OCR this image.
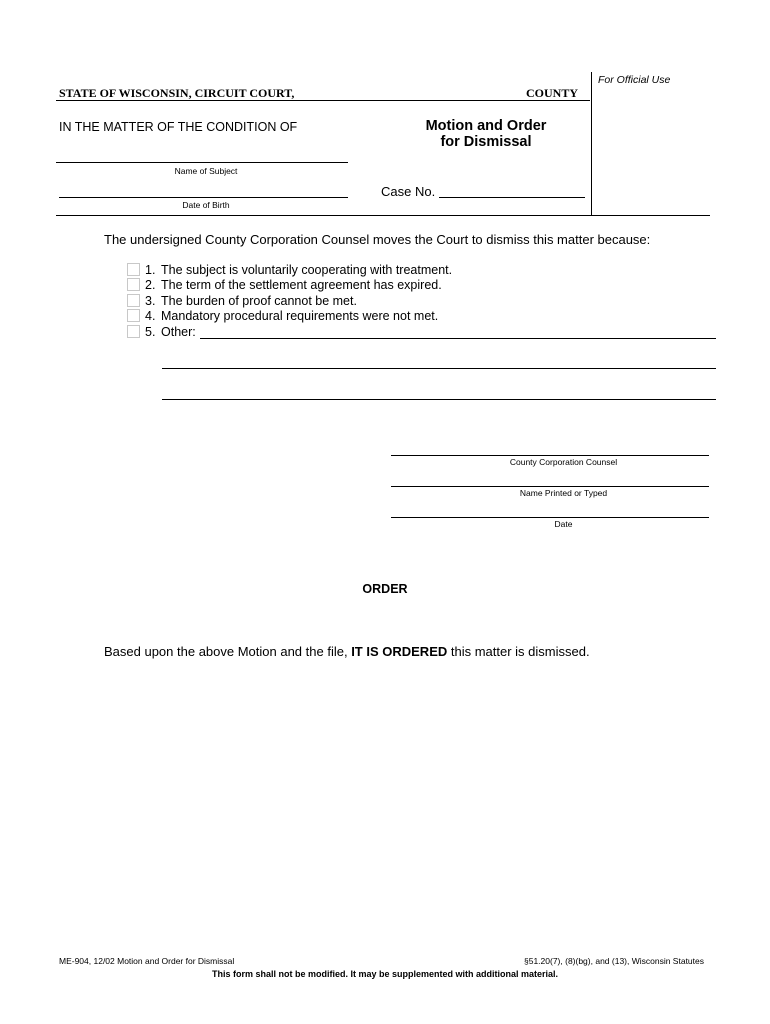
For Official Use
STATE OF WISCONSIN, CIRCUIT COURT,	COUNTY
IN THE MATTER OF THE CONDITION OF	Motion and Order
for Dismissal
Name of Subject
Date of Birth
Case No.
The undersigned County Corporation Counsel moves the Court to dismiss this matter because:
1. The subject is voluntarily cooperating with treatment.
2. The term of the settlement agreement has expired.
3. The burden of proof cannot be met.
4. Mandatory procedural requirements were not met.
5. Other:
County Corporation Counsel
Name Printed or Typed
Date
ORDER
Based upon the above Motion and the file, IT IS ORDERED this matter is dismissed.
ME-904, 12/02 Motion and Order for Dismissal	§51.20(7), (8)(bg), and (13), Wisconsin Statutes
This form shall not be modified. It may be supplemented with additional material.
